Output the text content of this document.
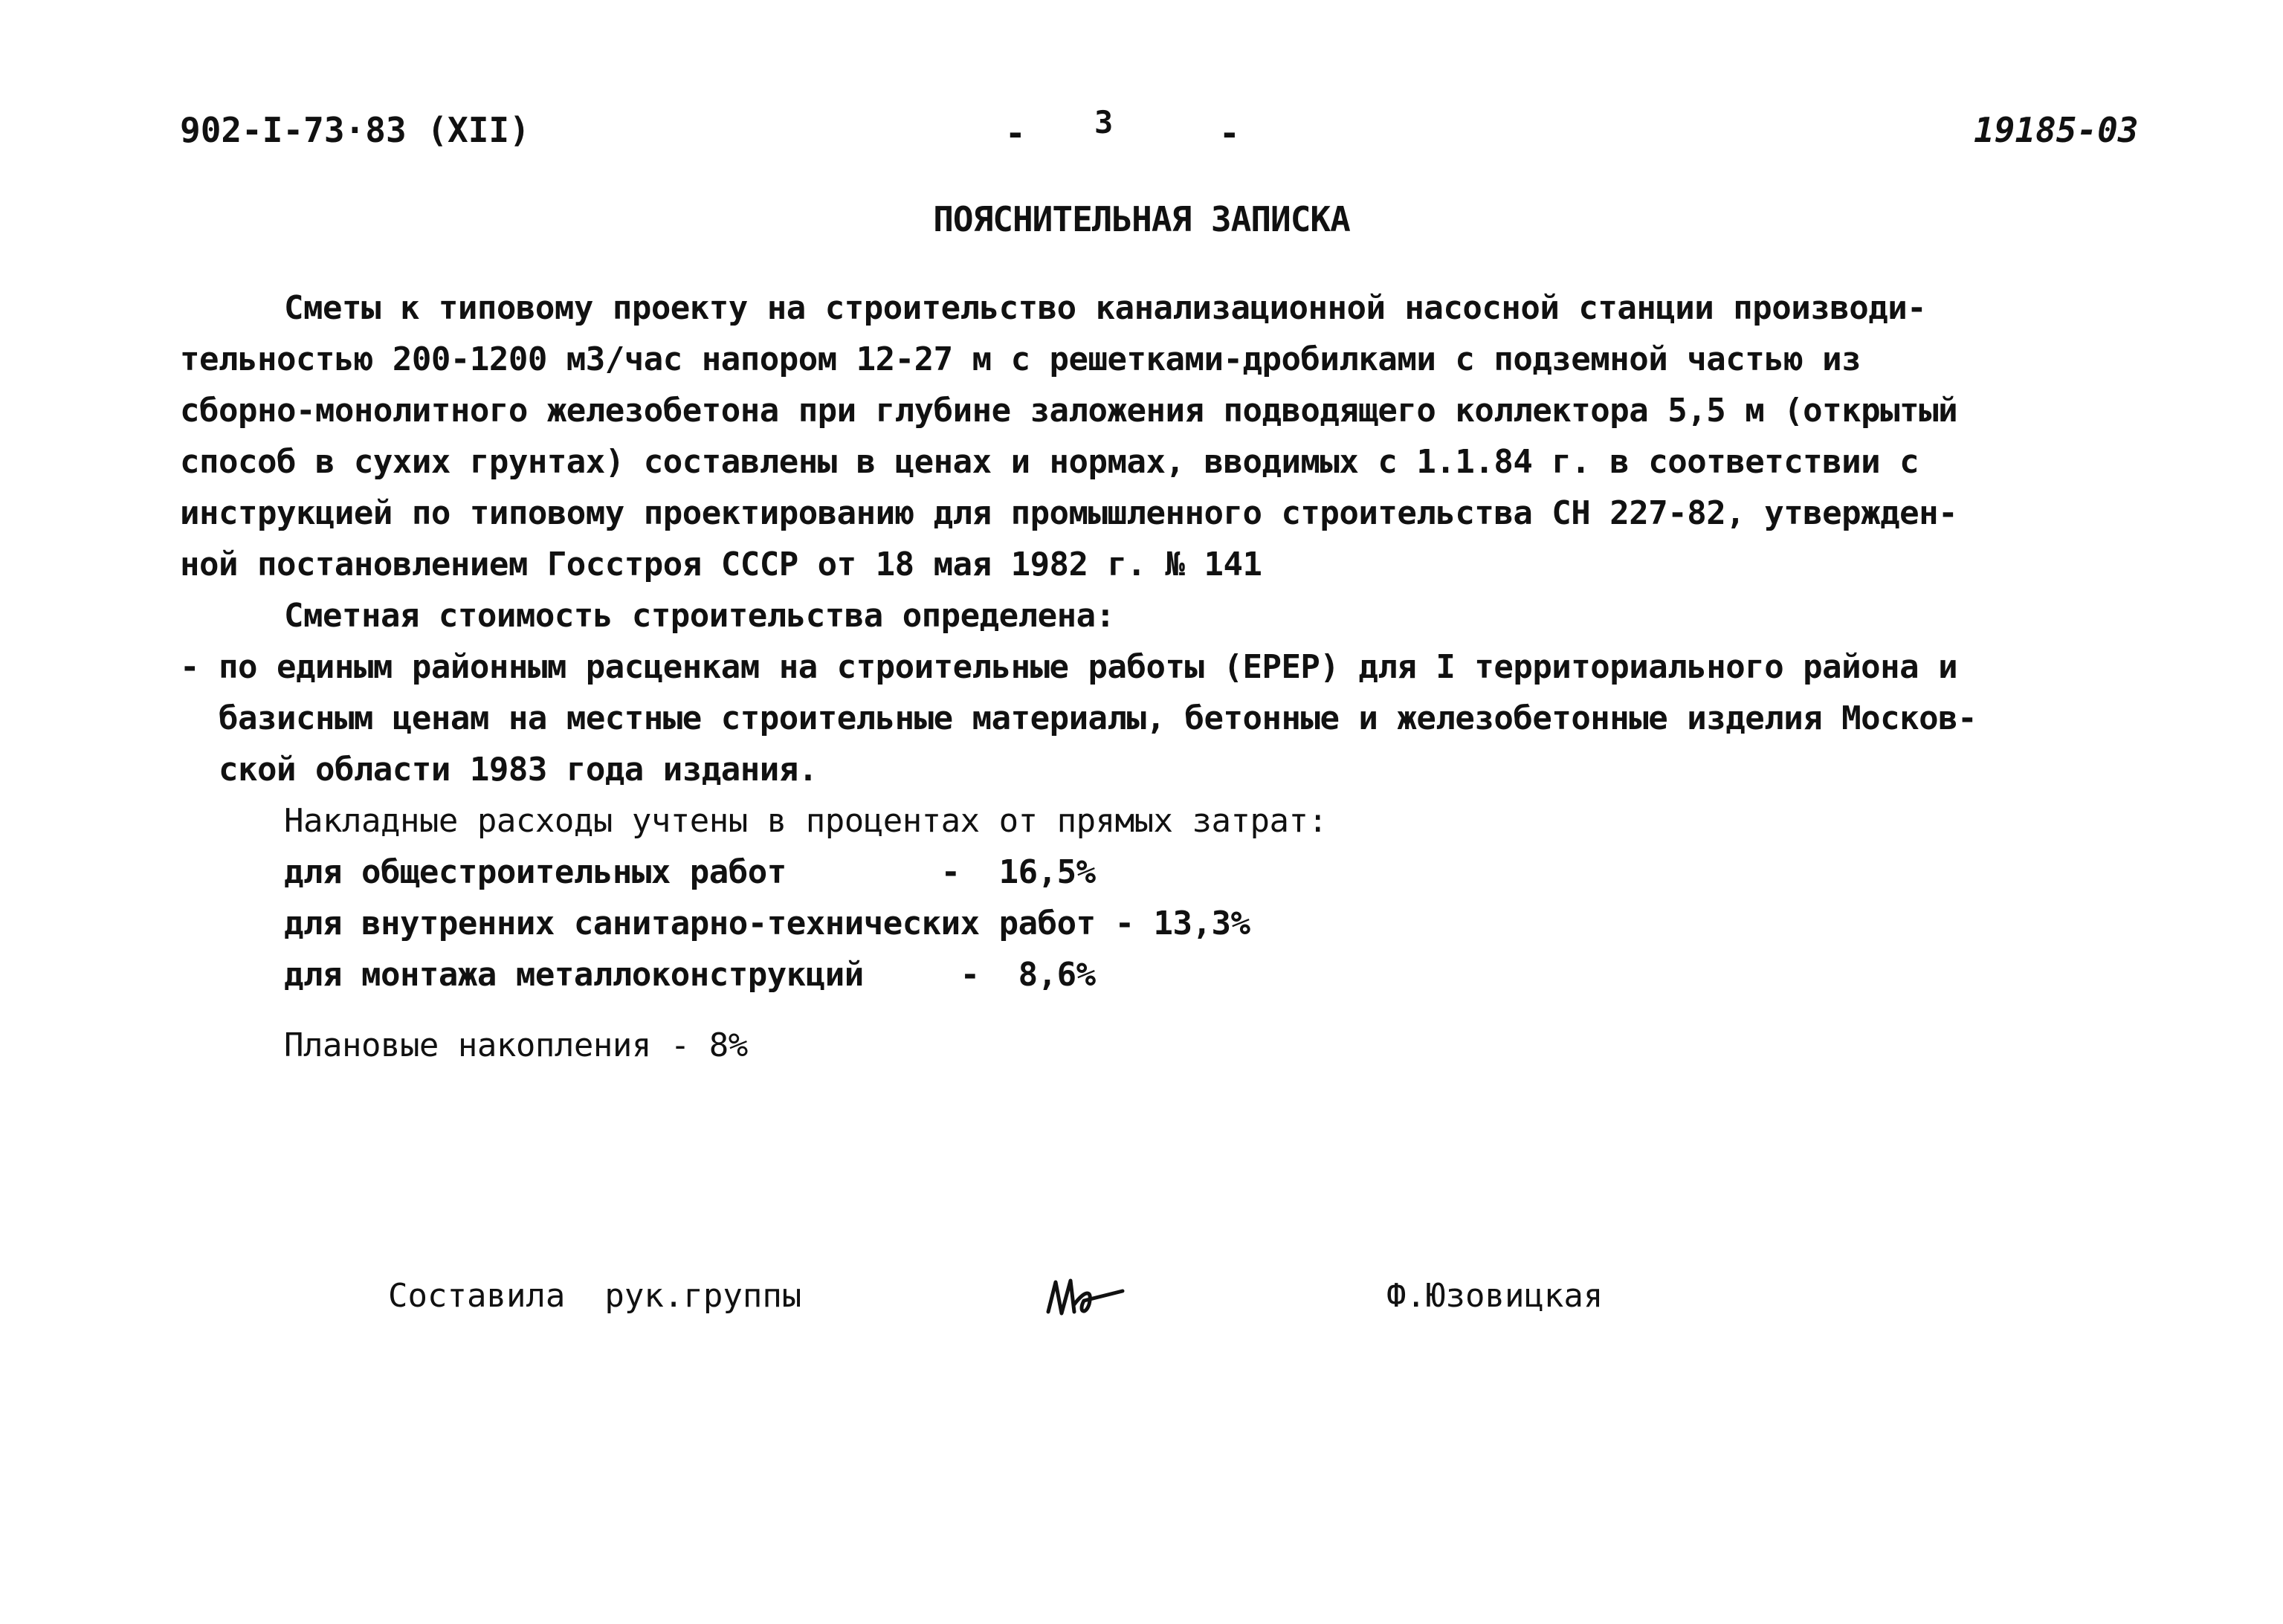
902-I-73·83 (XII)	- 3	-	19185-03
ПОЯСНИТЕЛЬНАЯ ЗАПИСКА
Сметы к типовому проекту на строительство канализационной насосной станции производи-
тельностью 200-1200 м3/час напором 12-27 м с решетками-дробилками с подземной частью из
сборно-монолитного железобетона при глубине заложения подводящего коллектора 5,5 м (открытый
способ в сухих грунтах) составлены в ценах и нормах, вводимых с 1.1.84 г. в соответствии с
инструкцией по типовому проектированию для промышленного строительства СН 227-82, утвержден-
ной постановлением Госстроя СССР от 18 мая 1982 г. № 141
Сметная стоимость строительства определена:
- по единым районным расценкам на строительные работы (ЕРЕР) для I территориального района и
базисным ценам на местные строительные материалы, бетонные и железобетонные изделия Москов-
ской области 1983 года издания.
Накладные расходы учтены в процентах от прямых затрат:
для общестроительных работ        -  16,5%
для внутренних санитарно-технических работ - 13,3%
для монтажа металлоконструкций     -  8,6%
Плановые накопления - 8%
Составила  рук.группы	Ф.Юзовицкая
